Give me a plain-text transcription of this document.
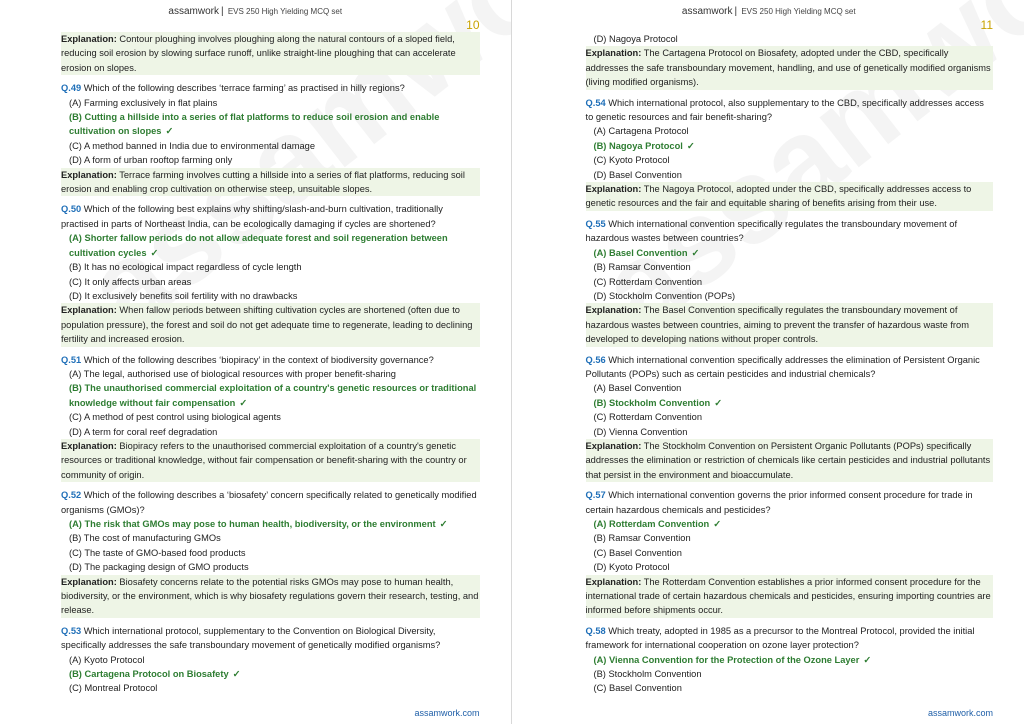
assamwork | EVS 250 High Yielding MCQ set
10

Explanation: Contour ploughing involves ploughing along the natural contours of a sloped field, reducing soil erosion by slowing surface runoff, unlike straight-line ploughing that can accelerate erosion on slopes.

Q.49 Which of the following describes ‘terrace farming’ as practised in hilly regions?

(A) Farming exclusively in flat plains

(B) Cutting a hillside into a series of flat platforms to reduce soil erosion and enable cultivation on slopes ✓

(C) A method banned in India due to environmental damage

(D) A form of urban rooftop farming only

Explanation: Terrace farming involves cutting a hillside into a series of flat platforms, reducing soil erosion and enabling crop cultivation on otherwise steep, unsuitable slopes.

Q.50 Which of the following best explains why shifting/slash-and-burn cultivation, traditionally practised in parts of Northeast India, can be ecologically damaging if cycles are shortened?

(A) Shorter fallow periods do not allow adequate forest and soil regeneration between cultivation cycles ✓

(B) It has no ecological impact regardless of cycle length

(C) It only affects urban areas

(D) It exclusively benefits soil fertility with no drawbacks

Explanation: When fallow periods between shifting cultivation cycles are shortened (often due to population pressure), the forest and soil do not get adequate time to regenerate, leading to declining fertility and increased erosion.

Q.51 Which of the following describes ‘biopiracy’ in the context of biodiversity governance?

(A) The legal, authorised use of biological resources with proper benefit-sharing

(B) The unauthorised commercial exploitation of a country's genetic resources or traditional knowledge without fair compensation ✓

(C) A method of pest control using biological agents

(D) A term for coral reef degradation

Explanation: Biopiracy refers to the unauthorised commercial exploitation of a country's genetic resources or traditional knowledge, without fair compensation or benefit-sharing with the country or community of origin.

Q.52 Which of the following describes a ‘biosafety’ concern specifically related to genetically modified organisms (GMOs)?

(A) The risk that GMOs may pose to human health, biodiversity, or the environment ✓

(B) The cost of manufacturing GMOs

(C) The taste of GMO-based food products

(D) The packaging design of GMO products

Explanation: Biosafety concerns relate to the potential risks GMOs may pose to human health, biodiversity, or the environment, which is why biosafety regulations govern their research, testing, and release.

Q.53 Which international protocol, supplementary to the Convention on Biological Diversity, specifically addresses the safe transboundary movement of genetically modified organisms?

(A) Kyoto Protocol

(B) Cartagena Protocol on Biosafety ✓

(C) Montreal Protocol

assamwork.com
assamwork | EVS 250 High Yielding MCQ set
11

(D) Nagoya Protocol

Explanation: The Cartagena Protocol on Biosafety, adopted under the CBD, specifically addresses the safe transboundary movement, handling, and use of genetically modified organisms (living modified organisms).

Q.54 Which international protocol, also supplementary to the CBD, specifically addresses access to genetic resources and fair benefit-sharing?

(A) Cartagena Protocol

(B) Nagoya Protocol ✓

(C) Kyoto Protocol

(D) Basel Convention

Explanation: The Nagoya Protocol, adopted under the CBD, specifically addresses access to genetic resources and the fair and equitable sharing of benefits arising from their use.

Q.55 Which international convention specifically regulates the transboundary movement of hazardous wastes between countries?

(A) Basel Convention ✓

(B) Ramsar Convention

(C) Rotterdam Convention

(D) Stockholm Convention (POPs)

Explanation: The Basel Convention specifically regulates the transboundary movement of hazardous wastes between countries, aiming to prevent the transfer of hazardous waste from developed to developing nations without proper controls.

Q.56 Which international convention specifically addresses the elimination of Persistent Organic Pollutants (POPs) such as certain pesticides and industrial chemicals?

(A) Basel Convention

(B) Stockholm Convention ✓

(C) Rotterdam Convention

(D) Vienna Convention

Explanation: The Stockholm Convention on Persistent Organic Pollutants (POPs) specifically addresses the elimination or restriction of chemicals like certain pesticides and industrial pollutants that persist in the environment and bioaccumulate.

Q.57 Which international convention governs the prior informed consent procedure for trade in certain hazardous chemicals and pesticides?

(A) Rotterdam Convention ✓

(B) Ramsar Convention

(C) Basel Convention

(D) Kyoto Protocol

Explanation: The Rotterdam Convention establishes a prior informed consent procedure for the international trade of certain hazardous chemicals and pesticides, ensuring importing countries are informed before shipments occur.

Q.58 Which treaty, adopted in 1985 as a precursor to the Montreal Protocol, provided the initial framework for international cooperation on ozone layer protection?

(A) Vienna Convention for the Protection of the Ozone Layer ✓

(B) Stockholm Convention

(C) Basel Convention

assamwork.com
